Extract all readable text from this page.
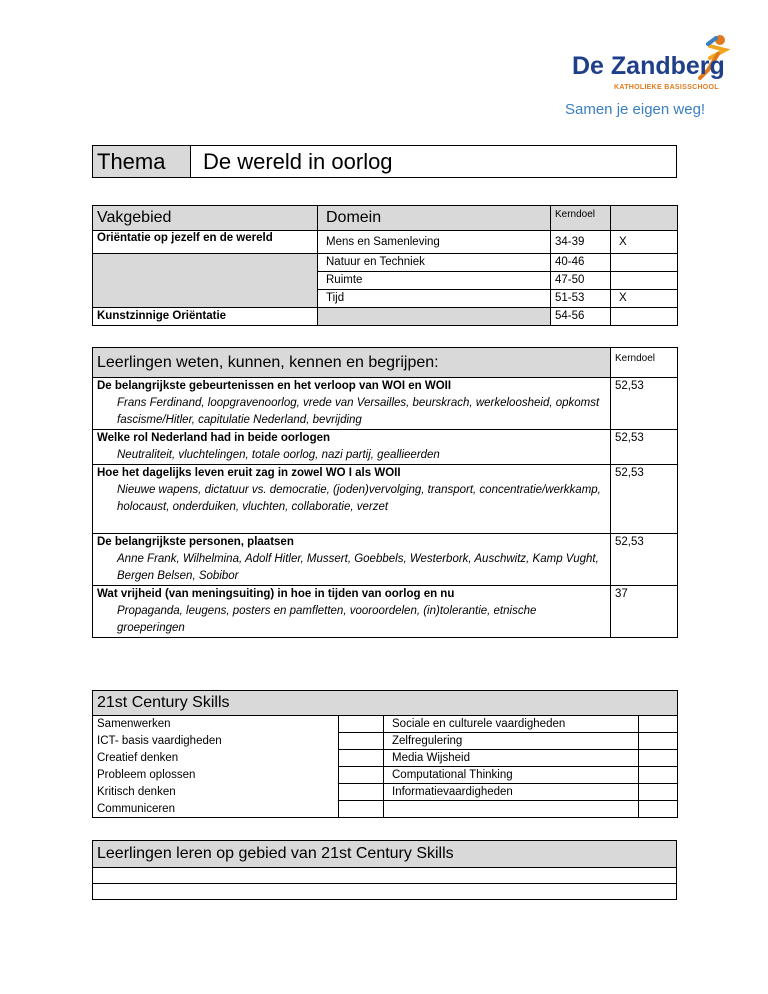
De Zandberg
KATHOLIEKE BASISSCHOOL
Samen je eigen weg!
Thema	De wereld in oorlog
Vakgebied	Domein	Kerndoel	
Oriëntatie op jezelf en de wereld	Mens en Samenleving	34-39	X
	Natuur en Techniek	40-46	
	Ruimte	47-50	
	Tijd	51-53	X
Kunstzinnige Oriëntatie		54-56	
Leerlingen weten, kunnen, kennen en begrijpen:	Kerndoel
De belangrijkste gebeurtenissen en het verloop van WOI en WOII
Frans Ferdinand, loopgravenoorlog, vrede van Versailles, beurskrach, werkeloosheid, opkomst fascisme/Hitler, capitulatie Nederland, bevrijding	52,53
Welke rol Nederland had in beide oorlogen
Neutraliteit, vluchtelingen, totale oorlog, nazi partij, geallieerden	52,53
Hoe het dagelijks leven eruit zag in zowel WO I als WOII
Nieuwe wapens, dictatuur vs. democratie, (joden)vervolging, transport, concentratie/werkkamp, holocaust, onderduiken, vluchten, collaboratie, verzet	52,53
De belangrijkste personen, plaatsen
Anne Frank, Wilhelmina, Adolf Hitler, Mussert, Goebbels, Westerbork, Auschwitz, Kamp Vught, Bergen Belsen, Sobibor	52,53
Wat vrijheid (van meningsuiting) in hoe in tijden van oorlog en nu
Propaganda, leugens, posters en pamfletten, vooroordelen, (in)tolerantie, etnische groeperingen	37
21st Century Skills			
Samenwerken		Sociale en culturele vaardigheden	
ICT- basis vaardigheden		Zelfregulering	
Creatief denken		Media Wijsheid	
Probleem oplossen		Computational Thinking	
Kritisch denken		Informatievaardigheden	
Communiceren			
Leerlingen leren op gebied van 21st Century Skills
